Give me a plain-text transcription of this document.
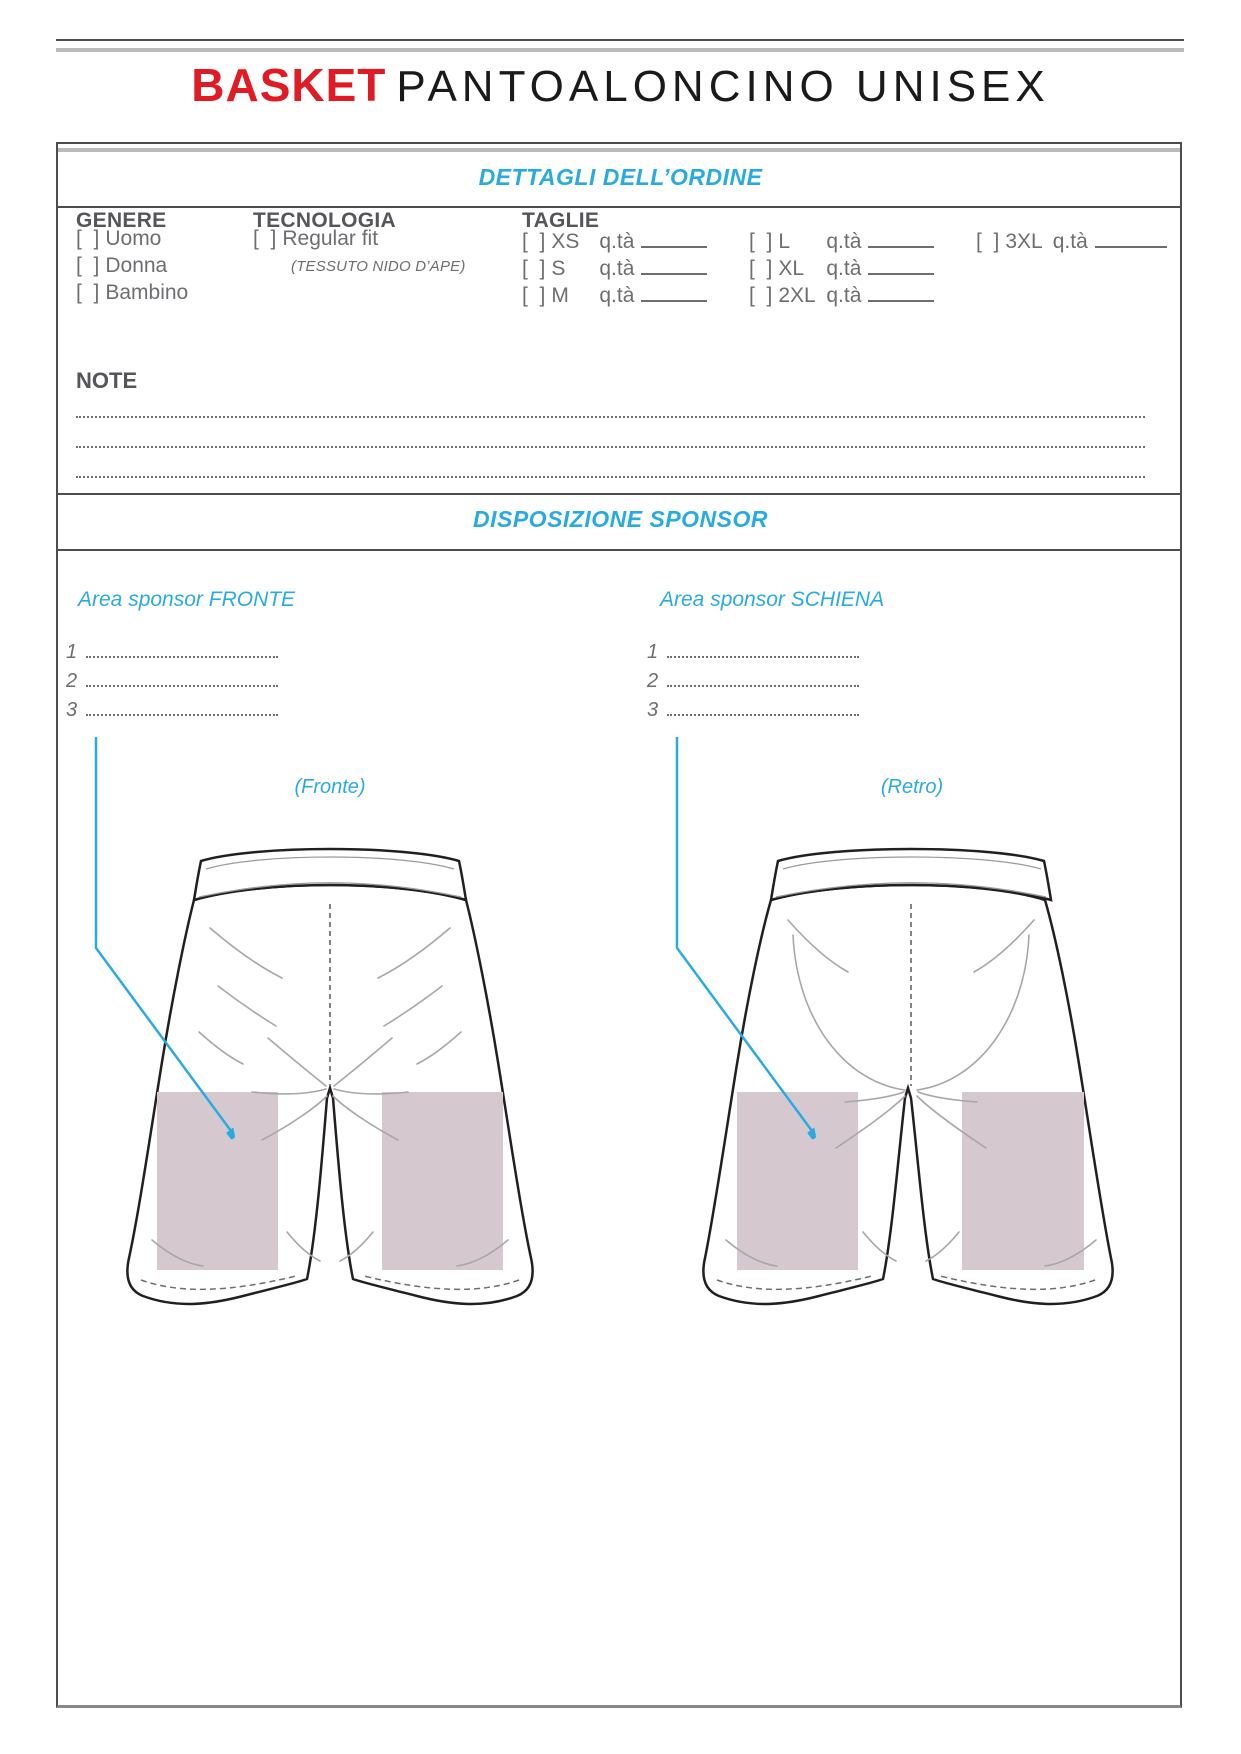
BASKET PANTOALONCINO UNISEX
DETTAGLI DELL’ORDINE
GENERE
[  ] Uomo
[  ] Donna
[  ] Bambino
TECNOLOGIA
[  ] Regular fit
(TESSUTO NIDO D’APE)
TAGLIE
[  ] XS q.tà
[  ] S	q.tà
[  ] M	q.tà
[  ] L	q.tà
[  ] XL	q.tà
[  ] 2XL q.tà
[  ] 3XL q.tà
NOTE
DISPOSIZIONE SPONSOR
Area sponsor FRONTE	Area sponsor SCHIENA
1
2
3
1
2
3
(Fronte)	(Retro)
